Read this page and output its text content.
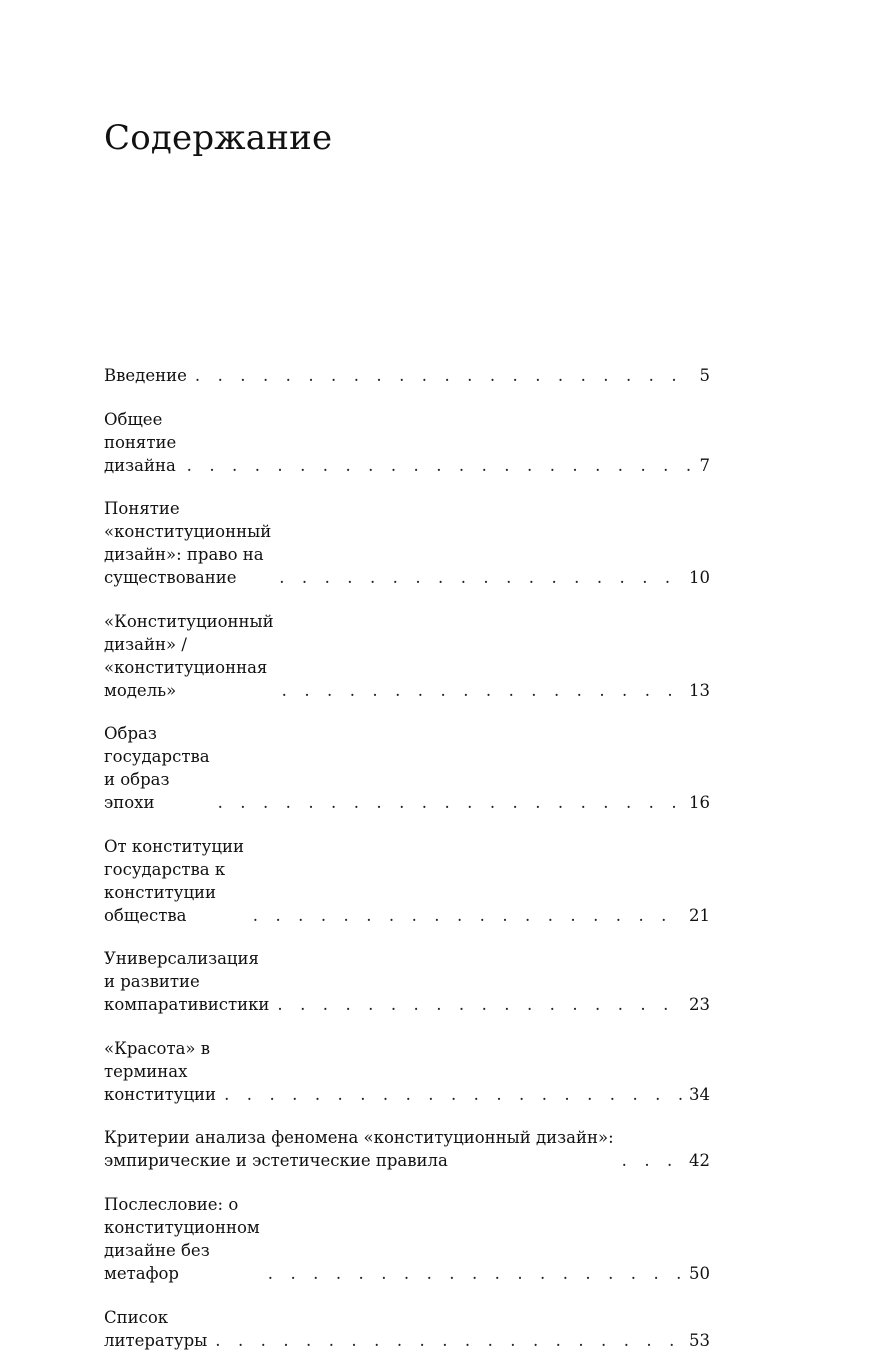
Содержание
Введение . . .	5
Общее понятие дизайна . . .	7
Понятие «конституционный дизайн»: право на существование . . .	10
«Конституционный дизайн» / «конституционная модель» . . .	13
Образ государства и образ эпохи . . .	16
От конституции государства к конституции общества . . .	21
Универсализация и развитие компаративистики . . .	23
«Красота» в терминах конституции . . .	34
Критерии анализа феномена «конституционный дизайн»:
эмпирические и эстетические правила . . .	42
Послесловие: о конституционном дизайне без метафор . . .	50
Список литературы . . .	53
